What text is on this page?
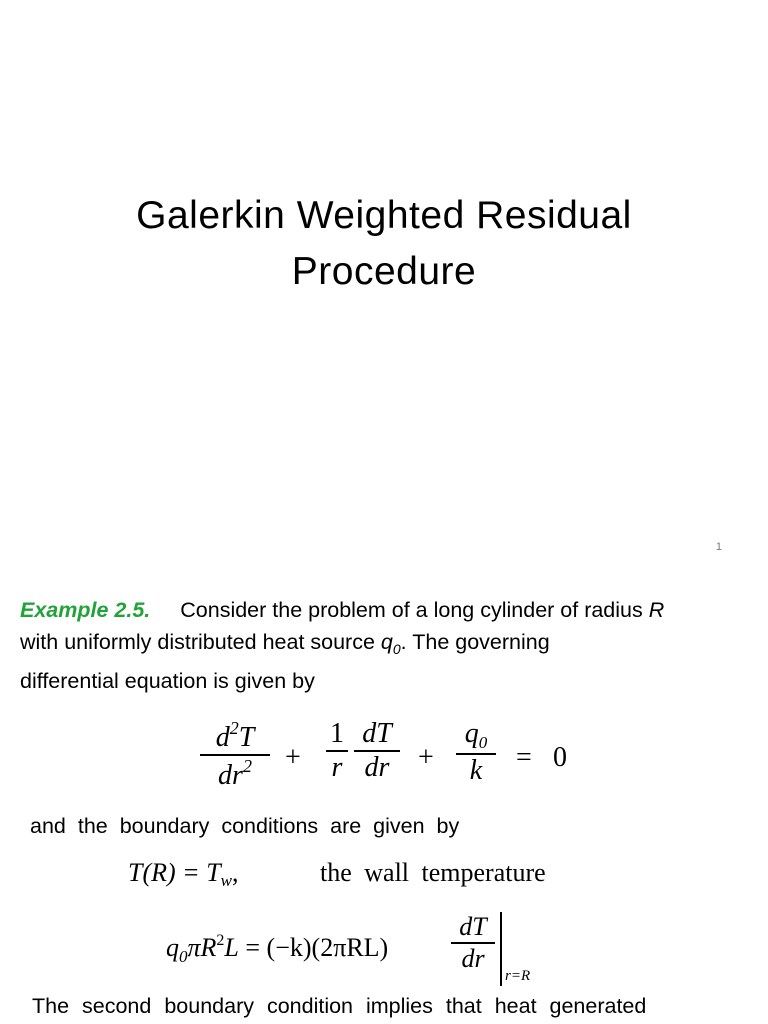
Galerkin Weighted Residual
Procedure
1
Example 2.5. Consider the problem of a long cylinder of radius R
with uniformly distributed heat source $q_0$. The governing
differential equation is given by
$d^2T$
$dr^2$	+
1
r
dT
dr	+
$q_0$
k	= 0
and the boundary conditions are given by
T(R) = Tw,	the wall temperature
$q_0\pi R^2L = (-k)(2\pi RL)$
dT
dr
r=R
The second boundary condition implies that heat generated
